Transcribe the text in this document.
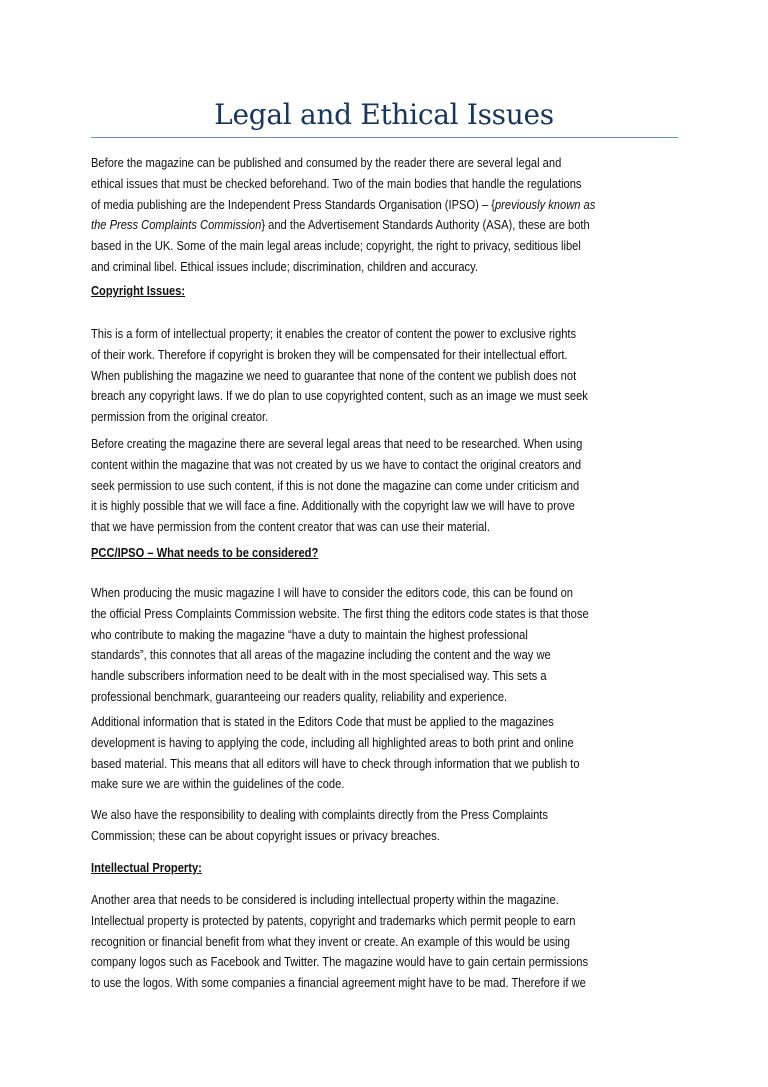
Legal and Ethical Issues
Before the magazine can be published and consumed by the reader there are several legal and
ethical issues that must be checked beforehand. Two of the main bodies that handle the regulations
of media publishing are the Independent Press Standards Organisation (IPSO) – {previously known as
the Press Complaints Commission} and the Advertisement Standards Authority (ASA), these are both
based in the UK. Some of the main legal areas include; copyright, the right to privacy, seditious libel
and criminal libel. Ethical issues include; discrimination, children and accuracy.
Copyright Issues:
This is a form of intellectual property; it enables the creator of content the power to exclusive rights
of their work. Therefore if copyright is broken they will be compensated for their intellectual effort.
When publishing the magazine we need to guarantee that none of the content we publish does not
breach any copyright laws. If we do plan to use copyrighted content, such as an image we must seek
permission from the original creator.
Before creating the magazine there are several legal areas that need to be researched. When using
content within the magazine that was not created by us we have to contact the original creators and
seek permission to use such content, if this is not done the magazine can come under criticism and
it is highly possible that we will face a fine. Additionally with the copyright law we will have to prove
that we have permission from the content creator that was can use their material.
PCC/IPSO – What needs to be considered?
When producing the music magazine I will have to consider the editors code, this can be found on
the official Press Complaints Commission website. The first thing the editors code states is that those
who contribute to making the magazine “have a duty to maintain the highest professional
standards”, this connotes that all areas of the magazine including the content and the way we
handle subscribers information need to be dealt with in the most specialised way. This sets a
professional benchmark, guaranteeing our readers quality, reliability and experience.
Additional information that is stated in the Editors Code that must be applied to the magazines
development is having to applying the code, including all highlighted areas to both print and online
based material. This means that all editors will have to check through information that we publish to
make sure we are within the guidelines of the code.
We also have the responsibility to dealing with complaints directly from the Press Complaints
Commission; these can be about copyright issues or privacy breaches.
Intellectual Property:
Another area that needs to be considered is including intellectual property within the magazine.
Intellectual property is protected by patents, copyright and trademarks which permit people to earn
recognition or financial benefit from what they invent or create. An example of this would be using
company logos such as Facebook and Twitter. The magazine would have to gain certain permissions
to use the logos. With some companies a financial agreement might have to be mad. Therefore if we
